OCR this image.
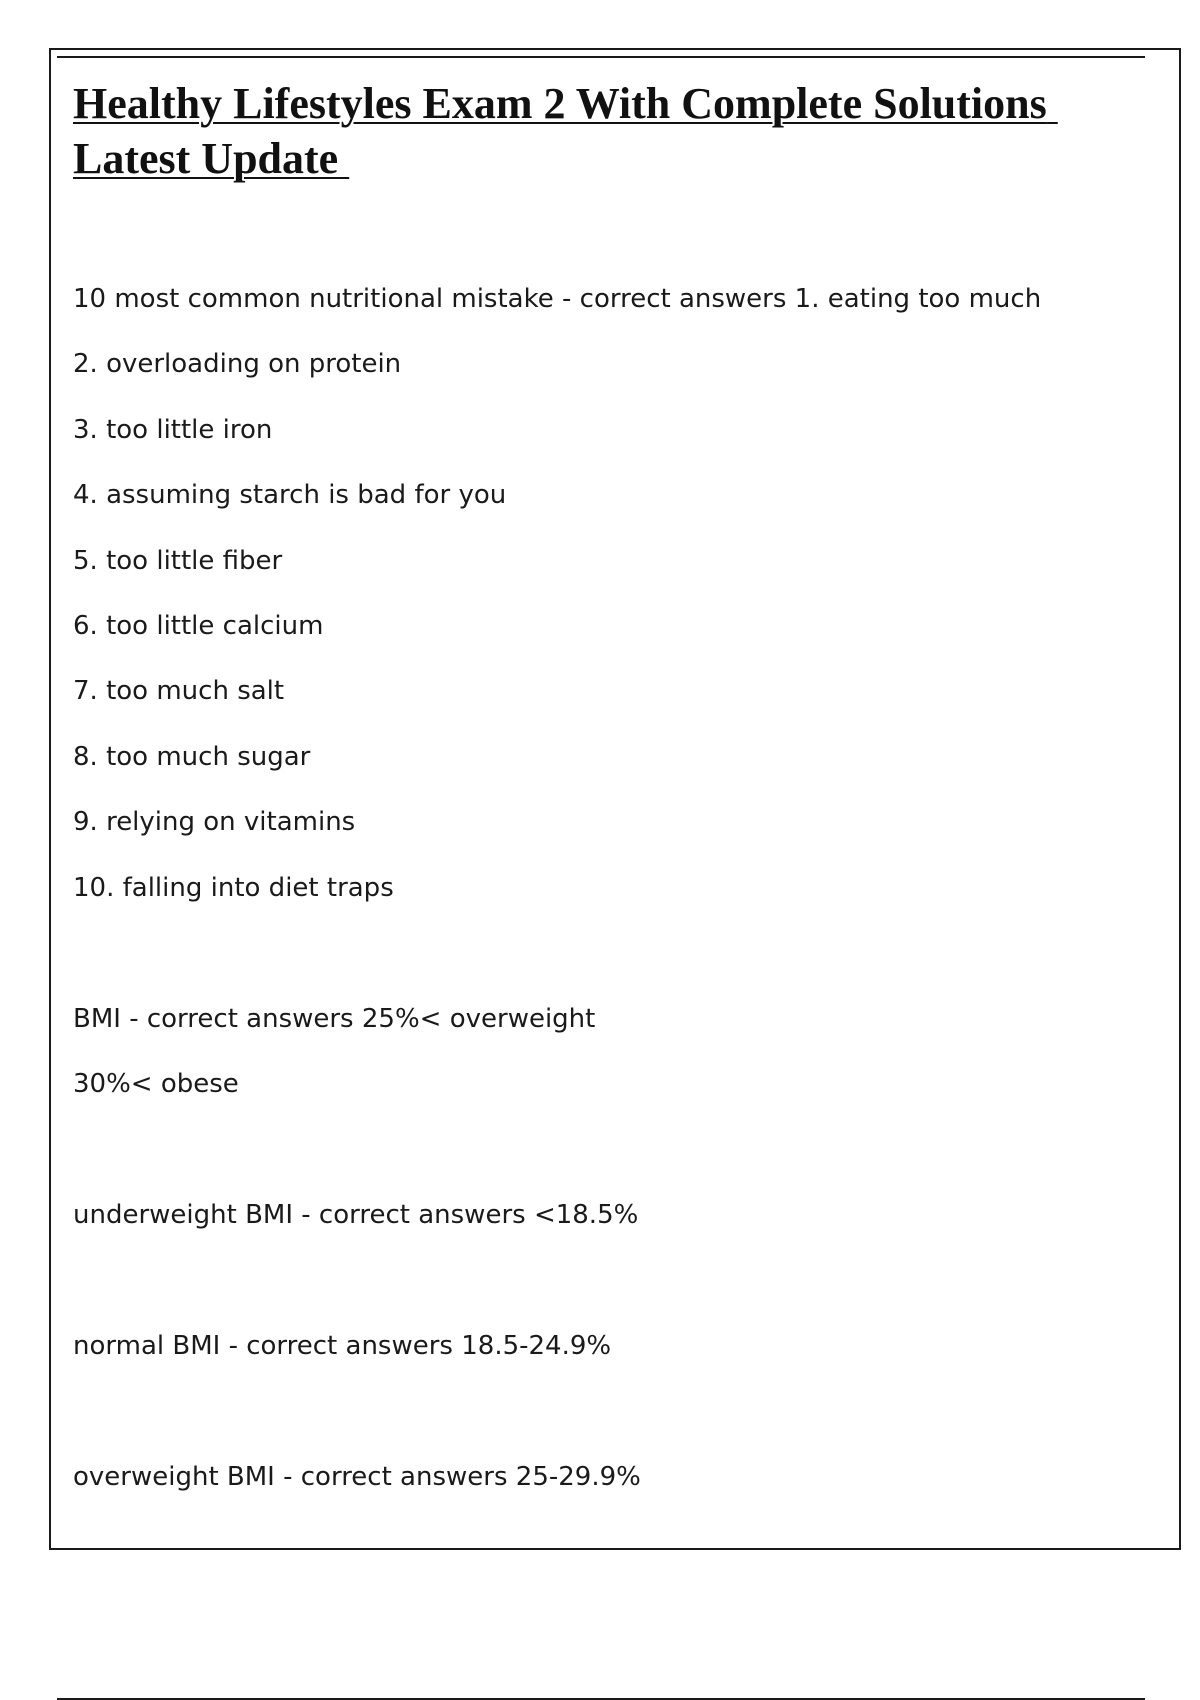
Healthy Lifestyles Exam 2 With Complete Solutions Latest Update

10 most common nutritional mistake - correct answers 1. eating too much

2. overloading on protein

3. too little iron

4. assuming starch is bad for you

5. too little fiber

6. too little calcium

7. too much salt

8. too much sugar

9. relying on vitamins

10. falling into diet traps

BMI - correct answers 25%< overweight

30%< obese

underweight BMI - correct answers <18.5%

normal BMI - correct answers 18.5-24.9%

overweight BMI - correct answers 25-29.9%
